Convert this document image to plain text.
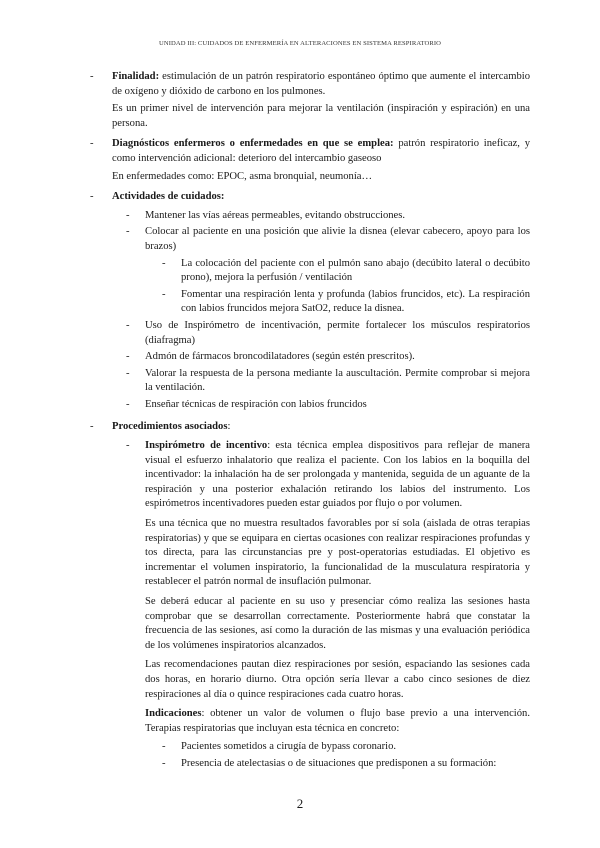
UNIDAD III: CUIDADOS DE ENFERMERÍA EN ALTERACIONES EN SISTEMA RESPIRATORIO
- Finalidad: estimulación de un patrón respiratorio espontáneo óptimo que aumente el intercambio de oxígeno y dióxido de carbono en los pulmones.

Es un primer nivel de intervención para mejorar la ventilación (inspiración y espiración) en una persona.

- Diagnósticos enfermeros o enfermedades en que se emplea: patrón respiratorio ineficaz, y como intervención adicional: deterioro del intercambio gaseoso

En enfermedades como: EPOC, asma bronquial, neumonía…

- Actividades de cuidados:

- Mantener las vías aéreas permeables, evitando obstrucciones.

- Colocar al paciente en una posición que alivie la disnea (elevar cabecero, apoyo para los brazos)

- La colocación del paciente con el pulmón sano abajo (decúbito lateral o decúbito prono), mejora la perfusión / ventilación

- Fomentar una respiración lenta y profunda (labios fruncidos, etc). La respiración con labios fruncidos mejora SatO2, reduce la disnea.

- Uso de Inspirómetro de incentivación, permite fortalecer los músculos respiratorios (diafragma)

- Admón de fármacos broncodilatadores (según estén prescritos).

- Valorar la respuesta de la persona mediante la auscultación. Permite comprobar si mejora la ventilación.

- Enseñar técnicas de respiración con labios fruncidos

- Procedimientos asociados:

- Inspirómetro de incentivo: esta técnica emplea dispositivos para reflejar de manera visual el esfuerzo inhalatorio que realiza el paciente. Con los labios en la boquilla del incentivador: la inhalación ha de ser prolongada y mantenida, seguida de un aguante de la respiración y una posterior exhalación retirando los labios del instrumento. Los espirómetros incentivadores pueden estar guiados por flujo o por volumen.

Es una técnica que no muestra resultados favorables por sí sola (aislada de otras terapias respiratorias) y que se equipara en ciertas ocasiones con realizar respiraciones profundas y tos directa, para las circunstancias pre y post-operatorias estudiadas. El objetivo es incrementar el volumen inspiratorio, la funcionalidad de la musculatura respiratoria y restablecer el patrón normal de insuflación pulmonar.

Se deberá educar al paciente en su uso y presenciar cómo realiza las sesiones hasta comprobar que se desarrollan correctamente. Posteriormente habrá que constatar la frecuencia de las sesiones, así como la duración de las mismas y una evaluación periódica de los volúmenes inspiratorios alcanzados.

Las recomendaciones pautan diez respiraciones por sesión, espaciando las sesiones cada dos horas, en horario diurno. Otra opción sería llevar a cabo cinco sesiones de diez respiraciones al día o quince respiraciones cada cuatro horas.

Indicaciones: obtener un valor de volumen o flujo base previo a una intervención. Terapias respiratorias que incluyan esta técnica en concreto:

- Pacientes sometidos a cirugía de bypass coronario.

- Presencia de atelectasias o de situaciones que predisponen a su formación:

2
